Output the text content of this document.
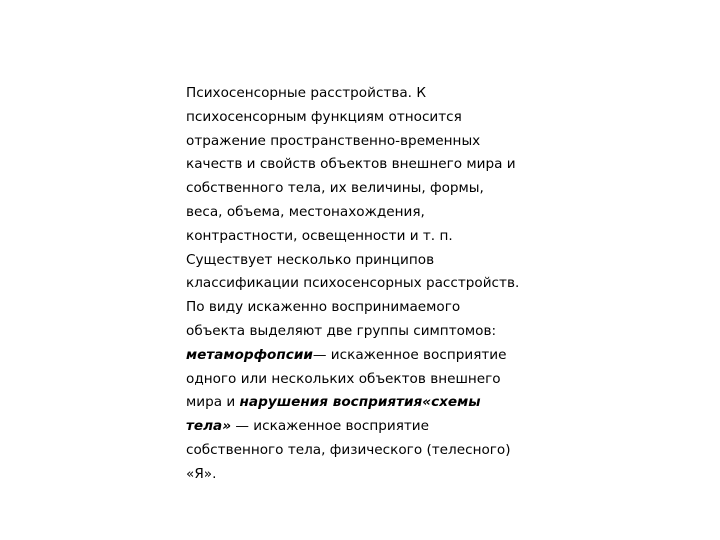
Психосенсорные расстройства. К
психосенсорным функциям относится
отражение пространственно-временных
качеств и свойств объектов внешнего мира и
собственного тела, их величины, формы,
веса, объема, местонахождения,
контрастности, освещенности и т. п.
Существует несколько принципов
классификации психосенсорных расстройств.
По виду искаженно воспринимаемого
объекта выделяют две группы симптомов:
метаморфопсии— искаженное восприятие
одного или нескольких объектов внешнего
мира и нарушения восприятия«схемы
тела» — искаженное восприятие
собственного тела, физического (телесного)
«Я».
